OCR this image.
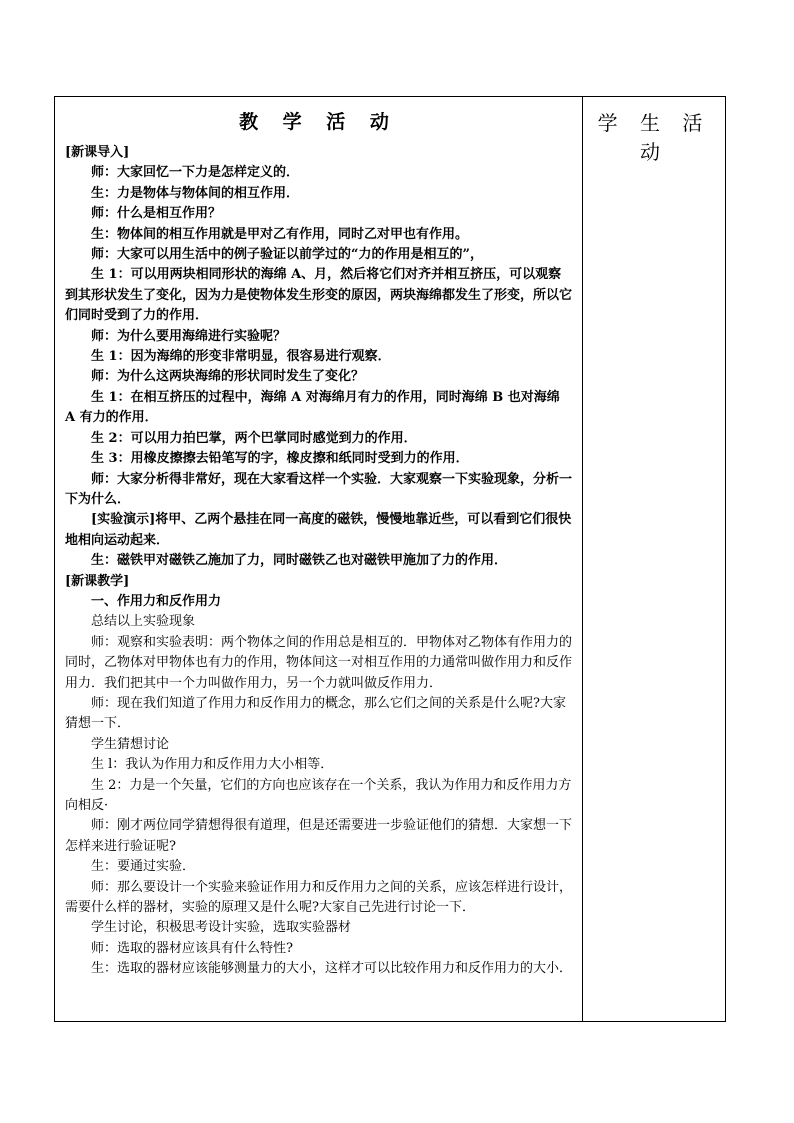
教 学 活 动

[新课导入]

师：大家回忆一下力是怎样定义的．

生：力是物体与物体间的相互作用．

师：什么是相互作用？

生：物体间的相互作用就是甲对乙有作用，同时乙对甲也有作用。

师：大家可以用生活中的例子验证以前学过的“力的作用是相互的”，

生 1：可以用两块相同形状的海绵 A、月，然后将它们对齐并相互挤压，可以观察到其形状发生了变化，因为力是使物体发生形变的原因，两块海绵都发生了形变，所以它们同时受到了力的作用．

师：为什么要用海绵进行实验呢？

生 1：因为海绵的形变非常明显，很容易进行观察．

师：为什么这两块海绵的形状同时发生了变化？

生 1：在相互挤压的过程中，海绵 A 对海绵月有力的作用，同时海绵 B 也对海绵 A 有力的作用．

生 2：可以用力拍巴掌，两个巴掌同时感觉到力的作用．

生 3：用橡皮擦擦去铅笔写的字，橡皮擦和纸同时受到力的作用．

师：大家分析得非常好，现在大家看这样一个实验．大家观察一下实验现象，分析一下为什么．

[实验演示]将甲、乙两个悬挂在同一高度的磁铁，慢慢地靠近些，可以看到它们很快地相向运动起来．

生：磁铁甲对磁铁乙施加了力，同时磁铁乙也对磁铁甲施加了力的作用．

[新课教学]

一、作用力和反作用力

总结以上实验现象

师：观察和实验表明：两个物体之间的作用总是相互的．甲物体对乙物体有作用力的同时，乙物体对甲物体也有力的作用，物体间这一对相互作用的力通常叫做作用力和反作用力．我们把其中一个力叫做作用力，另一个力就叫做反作用力．

师：现在我们知道了作用力和反作用力的概念，那么它们之间的关系是什么呢?大家猜想一下．

学生猜想讨论

生 l：我认为作用力和反作用力大小相等．

生 2：力是一个矢量，它们的方向也应该存在一个关系，我认为作用力和反作用力方向相反·

师：刚才两位同学猜想得很有道理，但是还需要进一步验证他们的猜想．大家想一下怎样来进行验证呢?

生：要通过实验．

师：那么要设计一个实验来验证作用力和反作用力之间的关系，应该怎样进行设计，需要什么样的器材，实验的原理又是什么呢?大家自己先进行讨论一下．

学生讨论，积极思考设计实验，选取实验器材

师：选取的器材应该具有什么特性?

生：选取的器材应该能够测量力的大小，这样才可以比较作用力和反作用力的大小．

学 生 活 动
